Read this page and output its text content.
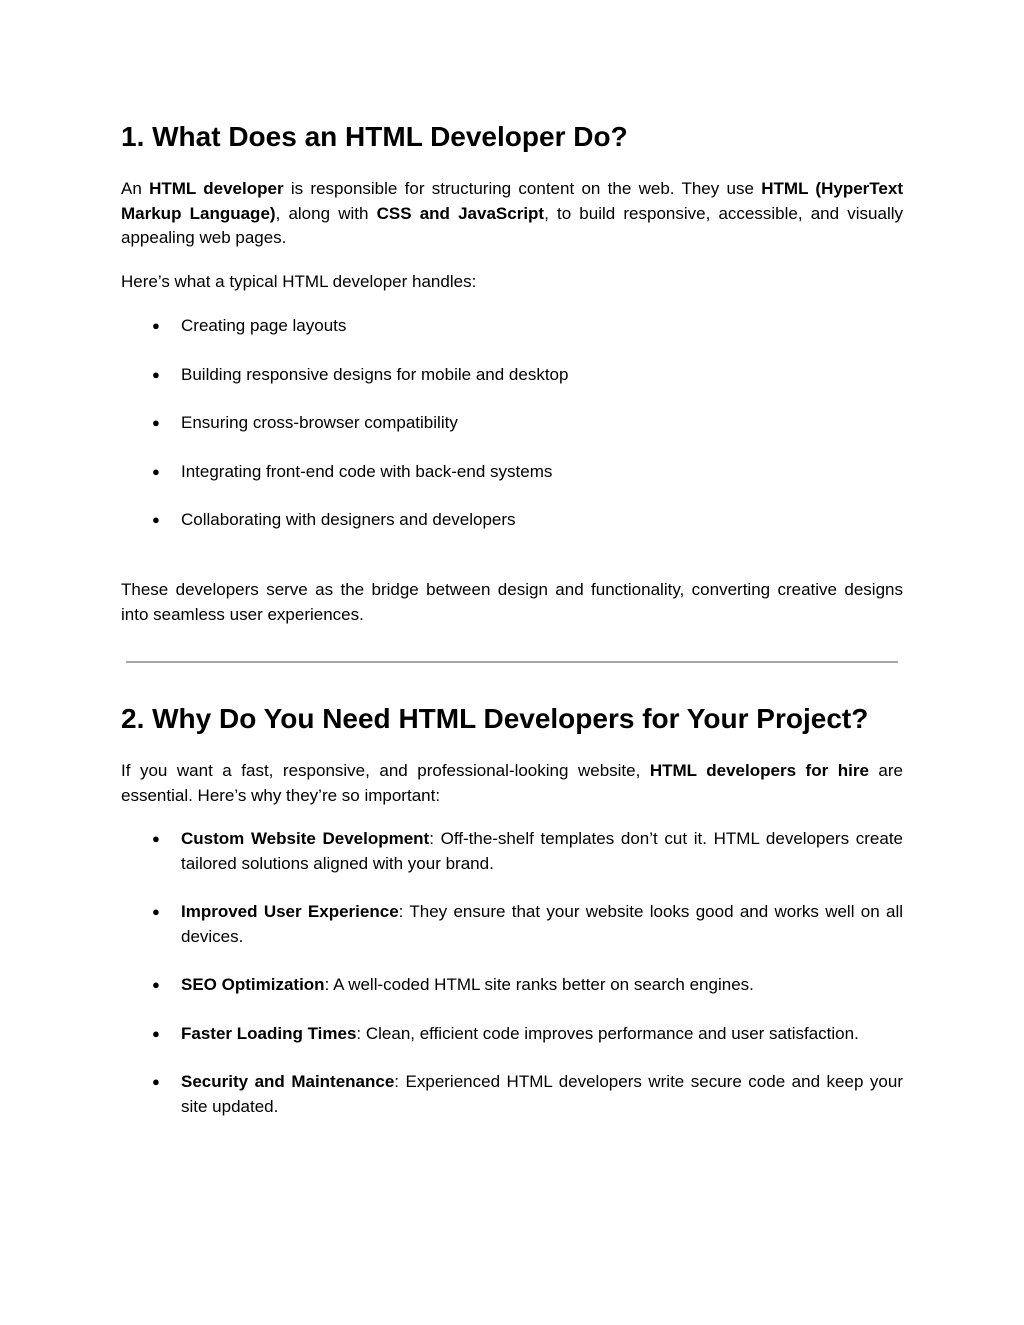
1. What Does an HTML Developer Do?

An HTML developer is responsible for structuring content on the web. They use HTML (HyperText Markup Language), along with CSS and JavaScript, to build responsive, accessible, and visually appealing web pages.

Here’s what a typical HTML developer handles:

● Creating page layouts
● Building responsive designs for mobile and desktop
● Ensuring cross-browser compatibility
● Integrating front-end code with back-end systems
● Collaborating with designers and developers

These developers serve as the bridge between design and functionality, converting creative designs into seamless user experiences.

2. Why Do You Need HTML Developers for Your Project?

If you want a fast, responsive, and professional-looking website, HTML developers for hire are essential. Here’s why they’re so important:

● Custom Website Development: Off-the-shelf templates don’t cut it. HTML developers create tailored solutions aligned with your brand.
● Improved User Experience: They ensure that your website looks good and works well on all devices.
● SEO Optimization: A well-coded HTML site ranks better on search engines.
● Faster Loading Times: Clean, efficient code improves performance and user satisfaction.
● Security and Maintenance: Experienced HTML developers write secure code and keep your site updated.
